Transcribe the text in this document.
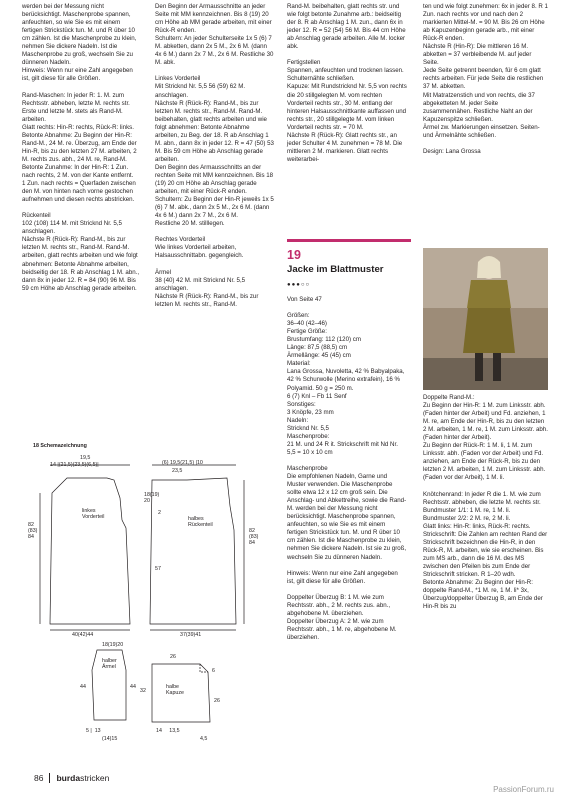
werden bei der Messung nicht berücksichtigt. Maschenprobe spannen, anfeuchten, so wie Sie es mit einem fertigen Strickstück tun. M. und R über 10 cm zählen. Ist die Maschenprobe zu klein, nehmen Sie dickere Nadeln. Ist die Maschenprobe zu groß, wechseln Sie zu dünneren Nadeln.
Hinweis: Wenn nur eine Zahl angegeben ist, gilt diese für alle Größen.

Rand-Maschen: In jeder R: 1. M. zum Rechtsstr. abheben, letzte M. rechts str. Erste und letzte M. stets als Rand-M. arbeiten.
Glatt rechts: Hin-R: rechts, Rück-R: links.
Betonte Abnahme: Zu Beginn der Hin-R: Rand-M., 24 M. re. Überzug, am Ende der Hin-R, bis zu den letzten 27 M. arbeiten, 2 M. rechts zus. abh., 24 M. re, Rand-M.
Betonte Zunahme: In der Hin-R: 1 Zun. nach rechts, 2 M. von der Kante entfernt.
1 Zun. nach rechts = Querfaden zwischen den M. von hinten nach vorne gestochen aufnehmen und diesen rechts abstricken.

Rückenteil
102 (108) 114 M. mit Stricknd Nr. 5,5 anschlagen.
Nächste R (Rück-R): Rand-M., bis zur letzten M. rechts str., Rand-M. Rand-M. arbeiten, glatt rechts arbeiten und wie folgt abnehmen: Betonte Abnahme arbeiten, beidseitig der 18. R ab Anschlag 1 M. abn., dann 8x in jeder 12. R = 84 (90) 96 M. Bis 59 cm Höhe ab Anschlag gerade arbeiten.

Den Beginn der Armausschnitte an jeder Seite mit MM kennzeichnen. Bis 8 (19) 20 cm Höhe ab MM gerade arbeiten, mit einer Rück-R enden.
Schultern: An jeder Schulterseite 1x 5 (6) 7 M. abketten, dann 2x 5 M., 2x 6 M. (dann 4x 6 M.) dann 2x 7 M., 2x 6 M. Restliche 30 M. abk.

Linkes Vorderteil
Mit Stricknd Nr. 5,5 56 (59) 62 M. anschlagen.
Nächste R (Rück-R): Rand-M., bis zur letzten M. rechts str., Rand-M. Rand-M. beibehalten, glatt rechts arbeiten und wie folgt abnehmen: Betonte Abnahme arbeiten, zu Beg. der 18. R ab Anschlag 1 M. abn., dann 8x in jeder 12. R = 47 (50) 53 M. Bis 59 cm Höhe ab Anschlag gerade arbeiten.
Den Beginn des Armausschnitts an der rechten Seite mit MM kennzeichnen. Bis 18 (19) 20 cm Höhe ab Anschlag gerade arbeiten, mit einer Rück-R enden.
Schultern: Zu Beginn der Hin-R jeweils 1x 5 (6) 7 M. abk., dann 2x 5 M., 2x 6 M. (dann 4x 6 M.) dann 2x 7 M., 2x 6 M.
Restliche 20 M. stilllegen.

Rechtes Vorderteil
Wie linkes Vorderteil arbeiten, Halsausschnittabn. gegengleich.

Ärmel
38 (40) 42 M. mit Stricknd Nr. 5,5 anschlagen.
Nächste R (Rück-R): Rand-M., bis zur letzten M. rechts str., Rand-M.

Rand-M. beibehalten, glatt rechts str. und wie folgt betonte Zunahme arb.: beidseitig der 8. R ab Anschlag 1 M. zun., dann 6x in jeder 12. R = 52 (54) 56 M. Bis 44 cm Höhe ab Anschlag gerade arbeiten. Alle M. locker abk.

Fertigstellen
Spannen, anfeuchten und trocknen lassen. Schulternähte schließen.
Kapuze: Mit Rundstricknd Nr. 5,5 von rechts die 20 stillgelegten M. vom rechten Vorderteil rechts str., 30 M. entlang der hinteren Halsausschnittkante auffassen und rechts str., 20 stillgelegte M. vom linken Vorderteil rechts str. = 70 M.
Nächste R (Rück-R): Glatt rechts str., an jeder Schulter 4 M. zunehmen = 78 M. Die mittleren 2 M. markieren. Glatt rechts weiterarbei-

19
Jacke im Blattmuster
●●●○○

Von Seite 47

Größen:
36–40 (42–46)
Fertige Größe:
Brustumfang: 112 (120) cm
Länge: 87,5 (88,5) cm
Ärmellänge: 45 (45) cm
Material:
Lana Grossa, Nuvoletta, 42 % Babyalpaka, 42 % Schurwolle (Merino extrafein), 16 % Polyamid. 50 g = 250 m.
6 (7) Knl – Fb 11 Senf
Sonstiges:
3 Knöpfe, 23 mm
Nadeln:
Stricknd Nr. 5,5
Maschenprobe:
21 M. und 24 R it. Strickschrift mit Nd Nr. 5,5 = 10 x 10 cm

Maschenprobe
Die empfohlenen Nadeln, Garne und Muster verwenden. Die Maschenprobe sollte etwa 12 x 12 cm groß sein. Die Anschlag- und Abkettreihe, sowie die Rand-M. werden bei der Messung nicht berücksichtigt. Maschenprobe spannen, anfeuchten, so wie Sie es mit einem fertigen Strickstück tun. M. und R über 10 cm zählen. Ist die Maschenprobe zu klein, nehmen Sie dickere Nadeln. Ist sie zu groß, wechseln Sie zu dünneren Nadeln.

Hinweis: Wenn nur eine Zahl angegeben ist, gilt diese für alle Größen.

Doppelter Überzug B: 1 M. wie zum Rechtsstr. abh., 2 M. rechts zus. abn., abgehobene M. überziehen.
Doppelter Überzug A: 2 M. wie zum Rechtsstr. abh., 1 M. re, abgehobene M. überziehen.

ten und wie folgt zunehmen: 6x in jeder 8. R 1 Zun. nach rechts vor und nach den 2 markierten Mittel-M. = 90 M. Bis 26 cm Höhe ab Kapuzenbeginn gerade arb., mit einer Rück-R enden.
Nächste R (Hin-R): Die mittleren 16 M. abketten = 37 verbleibende M. auf jeder Seite.
Jede Seite getrennt beenden, für 6 cm glatt rechts arbeiten. Für jede Seite die restlichen 37 M. abketten.
Mit Matratzenstich und von rechts, die 37 abgeketteten M. jeder Seite zusammennähen. Restliche Naht an der Kapuzenspitze schließen.
Ärmel zw. Markierungen einsetzen. Seiten- und Ärmelnähte schließen.

Design: Lana Grossa

Doppelte Rand-M.:
Zu Beginn der Hin-R: 1 M. zum Linksstr. abh. (Faden hinter der Arbeit) und Fd. anziehen, 1 M. re, am Ende der Hin-R, bis zu den letzten 2 M. arbeiten, 1 M. re, 1 M. zum Linksstr. abh. (Faden hinter der Arbeit).
Zu Beginn der Rück-R: 1 M. li, 1 M. zum Linksstr. abh. (Faden vor der Arbeit) und Fd. anziehen, am Ende der Rück-R, bis zu den letzten 2 M. arbeiten, 1 M. zum Linksstr. abh. (Faden vor der Arbeit), 1 M. li.

Knötchenrand: In jeder R die 1. M. wie zum Rechtsstr. abheben, die letzte M. rechts str.
Bundmuster 1/1: 1 M. re, 1 M. li.
Bundmuster 2/2: 2 M. re, 2 M. li.
Glatt links: Hin-R: links, Rück-R: rechts.
Strickschrift: Die Zahlen am rechten Rand der Strickschrift bezeichnen die Hin-R, in den Rück-R, M. arbeiten, wie sie erscheinen. Bis zum MS arb., dann die 16 M. des MS zwischen den Pfeilen bis zum Ende der Strickschrift stricken. R 1–20 wdh.
Betonte Abnahme: Zu Beginn der Hin-R: doppelte Rand-M., *1 M. re, 1 M. li* 3x, Überzug/doppelter Überzug B, am Ende der Hin-R bis zu

18 Schemazeichnung
19,5
14 |(21,5)(23,5)(6,5)|	(6) 19,5(21,5) |10
23,5
18(19)
20
2
linkes
Vorderteil	halbes
Rückenteil
82
(83)
84
82
(83)
84
57
40(42)44	37(39)41
18(19)20
halber
Ärmel
44	44
5 |  13
(14)15
26
6
halbe
Kapuze
32
26
14     13,5
4,5
86 burdastricken
PassionForum.ru
